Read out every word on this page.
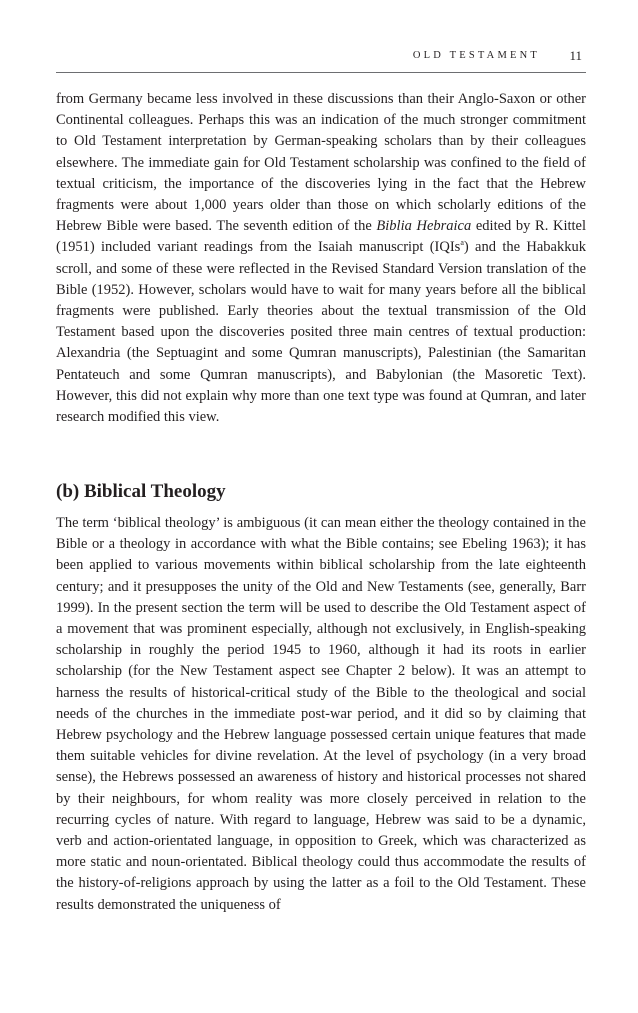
OLD TESTAMENT 11

from Germany became less involved in these discussions than their Anglo-Saxon or other Continental colleagues. Perhaps this was an indication of the much stronger commitment to Old Testament interpretation by German-speaking scholars than by their colleagues elsewhere. The immediate gain for Old Testament scholarship was confined to the field of textual criticism, the importance of the discoveries lying in the fact that the Hebrew fragments were about 1,000 years older than those on which scholarly editions of the Hebrew Bible were based. The seventh edition of the Biblia Hebraica edited by R. Kittel (1951) included variant readings from the Isaiah manuscript (IQIs$^a$) and the Habakkuk scroll, and some of these were reflected in the Revised Standard Version translation of the Bible (1952). However, scholars would have to wait for many years before all the biblical fragments were published. Early theories about the textual transmission of the Old Testament based upon the discoveries posited three main centres of textual production: Alexandria (the Septuagint and some Qumran manuscripts), Palestinian (the Samaritan Pentateuch and some Qumran manuscripts), and Babylonian (the Masoretic Text). However, this did not explain why more than one text type was found at Qumran, and later research modified this view.

(b) Biblical Theology

The term ‘biblical theology’ is ambiguous (it can mean either the theology contained in the Bible or a theology in accordance with what the Bible contains; see Ebeling 1963); it has been applied to various movements within biblical scholarship from the late eighteenth century; and it presupposes the unity of the Old and New Testaments (see, generally, Barr 1999). In the present section the term will be used to describe the Old Testament aspect of a movement that was prominent especially, although not exclusively, in English-speaking scholarship in roughly the period 1945 to 1960, although it had its roots in earlier scholarship (for the New Testament aspect see Chapter 2 below). It was an attempt to harness the results of historical-critical study of the Bible to the theological and social needs of the churches in the immediate post-war period, and it did so by claiming that Hebrew psychology and the Hebrew language possessed certain unique features that made them suitable vehicles for divine revelation. At the level of psychology (in a very broad sense), the Hebrews possessed an awareness of history and historical processes not shared by their neighbours, for whom reality was more closely perceived in relation to the recurring cycles of nature. With regard to language, Hebrew was said to be a dynamic, verb and action-orientated language, in opposition to Greek, which was characterized as more static and noun-orientated. Biblical theology could thus accommodate the results of the history-of-religions approach by using the latter as a foil to the Old Testament. These results demonstrated the uniqueness of
